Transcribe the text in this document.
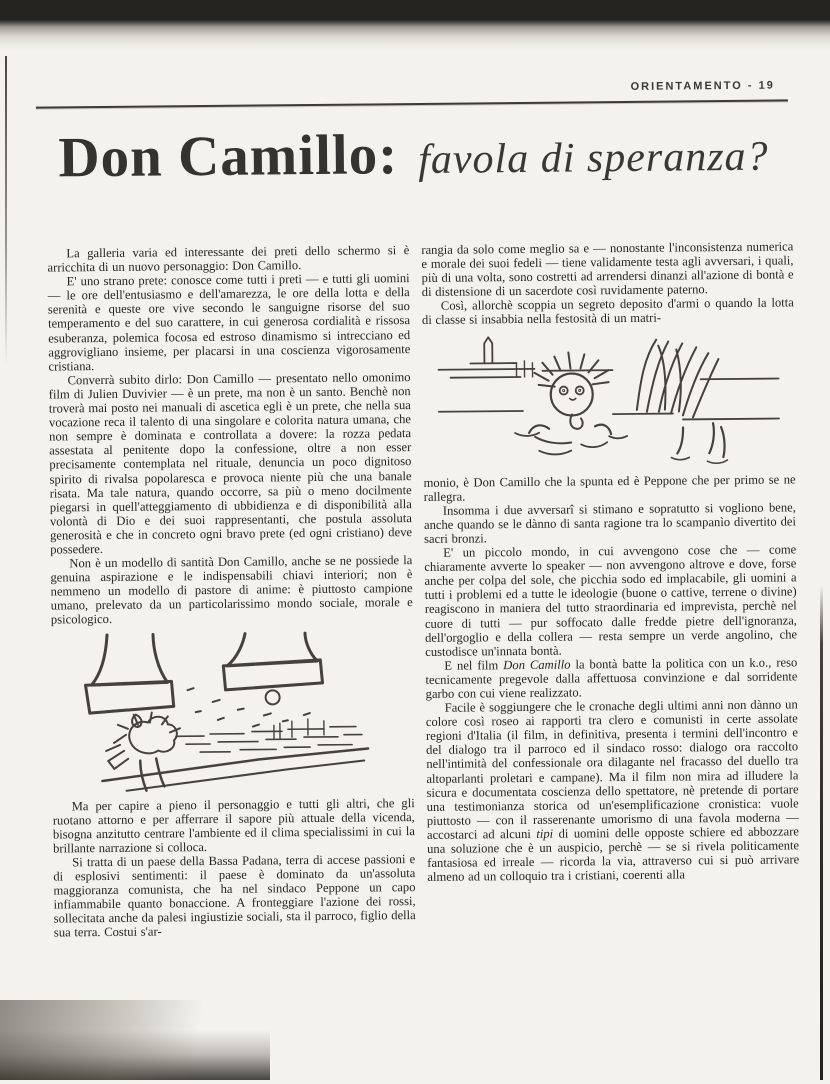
ORIENTAMENTO - 19
Don Camillo: favola di speranza?

La galleria varia ed interessante dei preti dello schermo si è arricchita di un nuovo personaggio: Don Camillo.

E' uno strano prete: conosce come tutti i preti — e tutti gli uomini — le ore dell'entusiasmo e dell'amarezza, le ore della lotta e della serenità e queste ore vive secondo le sanguigne risorse del suo temperamento e del suo carattere, in cui generosa cordialità e rissosa esuberanza, polemica focosa ed estroso dinamismo si intrecciano ed aggrovigliano insieme, per placarsi in una coscienza vigorosamente cristiana.

Converrà subito dirlo: Don Camillo — presentato nello omonimo film di Julien Duvivier — è un prete, ma non è un santo. Benchè non troverà mai posto nei manuali di ascetica egli è un prete, che nella sua vocazione reca il talento di una singolare e colorita natura umana, che non sempre è dominata e controllata a dovere: la rozza pedata assestata al penitente dopo la confessione, oltre a non esser precisamente contemplata nel rituale, denuncia un poco dignitoso spirito di rivalsa popolaresca e provoca niente più che una banale risata. Ma tale natura, quando occorre, sa più o meno docilmente piegarsi in quell'atteggiamento di ubbidienza e di disponibilità alla volontà di Dio e dei suoi rappresentanti, che postula assoluta generosità e che in concreto ogni bravo prete (ed ogni cristiano) deve possedere.

Non è un modello di santità Don Camillo, anche se ne possiede la genuina aspirazione e le indispensabili chiavi interiori; non è nemmeno un modello di pastore di anime: è piuttosto campione umano, prelevato da un particolarissimo mondo sociale, morale e psicologico.

Ma per capire a pieno il personaggio e tutti gli altri, che gli ruotano attorno e per afferrare il sapore più attuale della vicenda, bisogna anzitutto centrare l'ambiente ed il clima specialissimi in cui la brillante narrazione si colloca.

Si tratta di un paese della Bassa Padana, terra di accese passioni e di esplosivi sentimenti: il paese è dominato da un'assoluta maggioranza comunista, che ha nel sindaco Peppone un capo infiammabile quanto bonaccione. A fronteggiare l'azione dei rossi, sollecitata anche da palesi ingiustizie sociali, sta il parroco, figlio della sua terra. Costui s'ar-

rangia da solo come meglio sa e — nonostante l'inconsistenza numerica e morale dei suoi fedeli — tiene validamente testa agli avversari, i quali, più di una volta, sono costretti ad arrendersi dinanzi all'azione di bontà e di distensione di un sacerdote così ruvidamente paterno.

Così, allorchè scoppia un segreto deposito d'armi o quando la lotta di classe si insabbia nella festosità di un matri-

monio, è Don Camillo che la spunta ed è Peppone che per primo se ne rallegra.

Insomma i due avversarî si stimano e sopratutto si vogliono bene, anche quando se le dànno di santa ragione tra lo scampanìo divertito dei sacri bronzi.

E' un piccolo mondo, in cui avvengono cose che — come chiaramente avverte lo speaker — non avvengono altrove e dove, forse anche per colpa del sole, che picchia sodo ed implacabile, gli uomini a tutti i problemi ed a tutte le ideologie (buone o cattive, terrene o divine) reagiscono in maniera del tutto straordinaria ed imprevista, perchè nel cuore di tutti — pur soffocato dalle fredde pietre dell'ignoranza, dell'orgoglio e della collera — resta sempre un verde angolino, che custodisce un'innata bontà.

E nel film Don Camillo la bontà batte la politica con un k.o., reso tecnicamente pregevole dalla affettuosa convinzione e dal sorridente garbo con cui viene realizzato.

Facile è soggiungere che le cronache degli ultimi anni non dànno un colore così roseo ai rapporti tra clero e comunisti in certe assolate regioni d'Italia (il film, in definitiva, presenta i termini dell'incontro e del dialogo tra il parroco ed il sindaco rosso: dialogo ora raccolto nell'intimità del confessionale ora dilagante nel fracasso del duello tra altoparlanti proletari e campane). Ma il film non mira ad illudere la sicura e documentata coscienza dello spettatore, nè pretende di portare una testimonianza storica od un'esemplificazione cronistica: vuole piuttosto — con il rasserenante umorismo di una favola moderna — accostarci ad alcuni tipi di uomini delle opposte schiere ed abbozzare una soluzione che è un auspicio, perchè — se si rivela politicamente fantasiosa ed irreale — ricorda la via, attraverso cui si può arrivare almeno ad un colloquio tra i cristiani, coerenti alla
